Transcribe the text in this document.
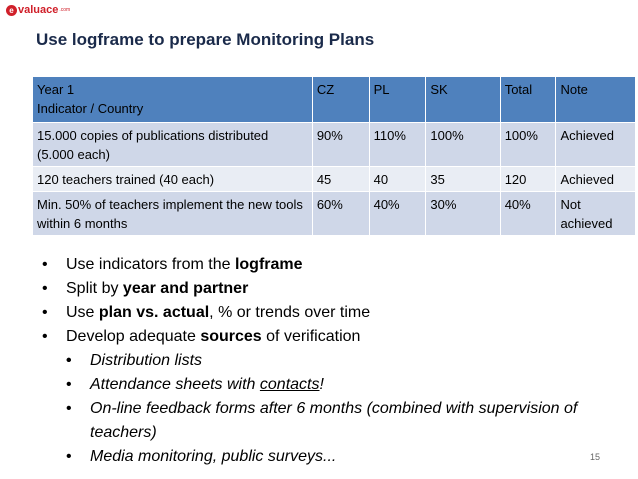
e valuace .com
Use logframe to prepare Monitoring Plans
Year 1
Indicator / Country	CZ	PL	SK	Total	Note
15.000 copies of publications distributed (5.000 each)	90%	110%	100%	100%	Achieved
120 teachers trained (40 each)	45	40	35	120	Achieved
Min. 50% of teachers implement the new tools within 6 months	60%	40%	30%	40%	Not achieved
• Use indicators from the logframe
• Split by year and partner
• Use plan vs. actual, % or trends over time
• Develop adequate sources of verification
• • Distribution lists
• Attendance sheets with contacts!
• On-line feedback forms after 6 months (combined with supervision of teachers)
• Media monitoring, public surveys...	15
